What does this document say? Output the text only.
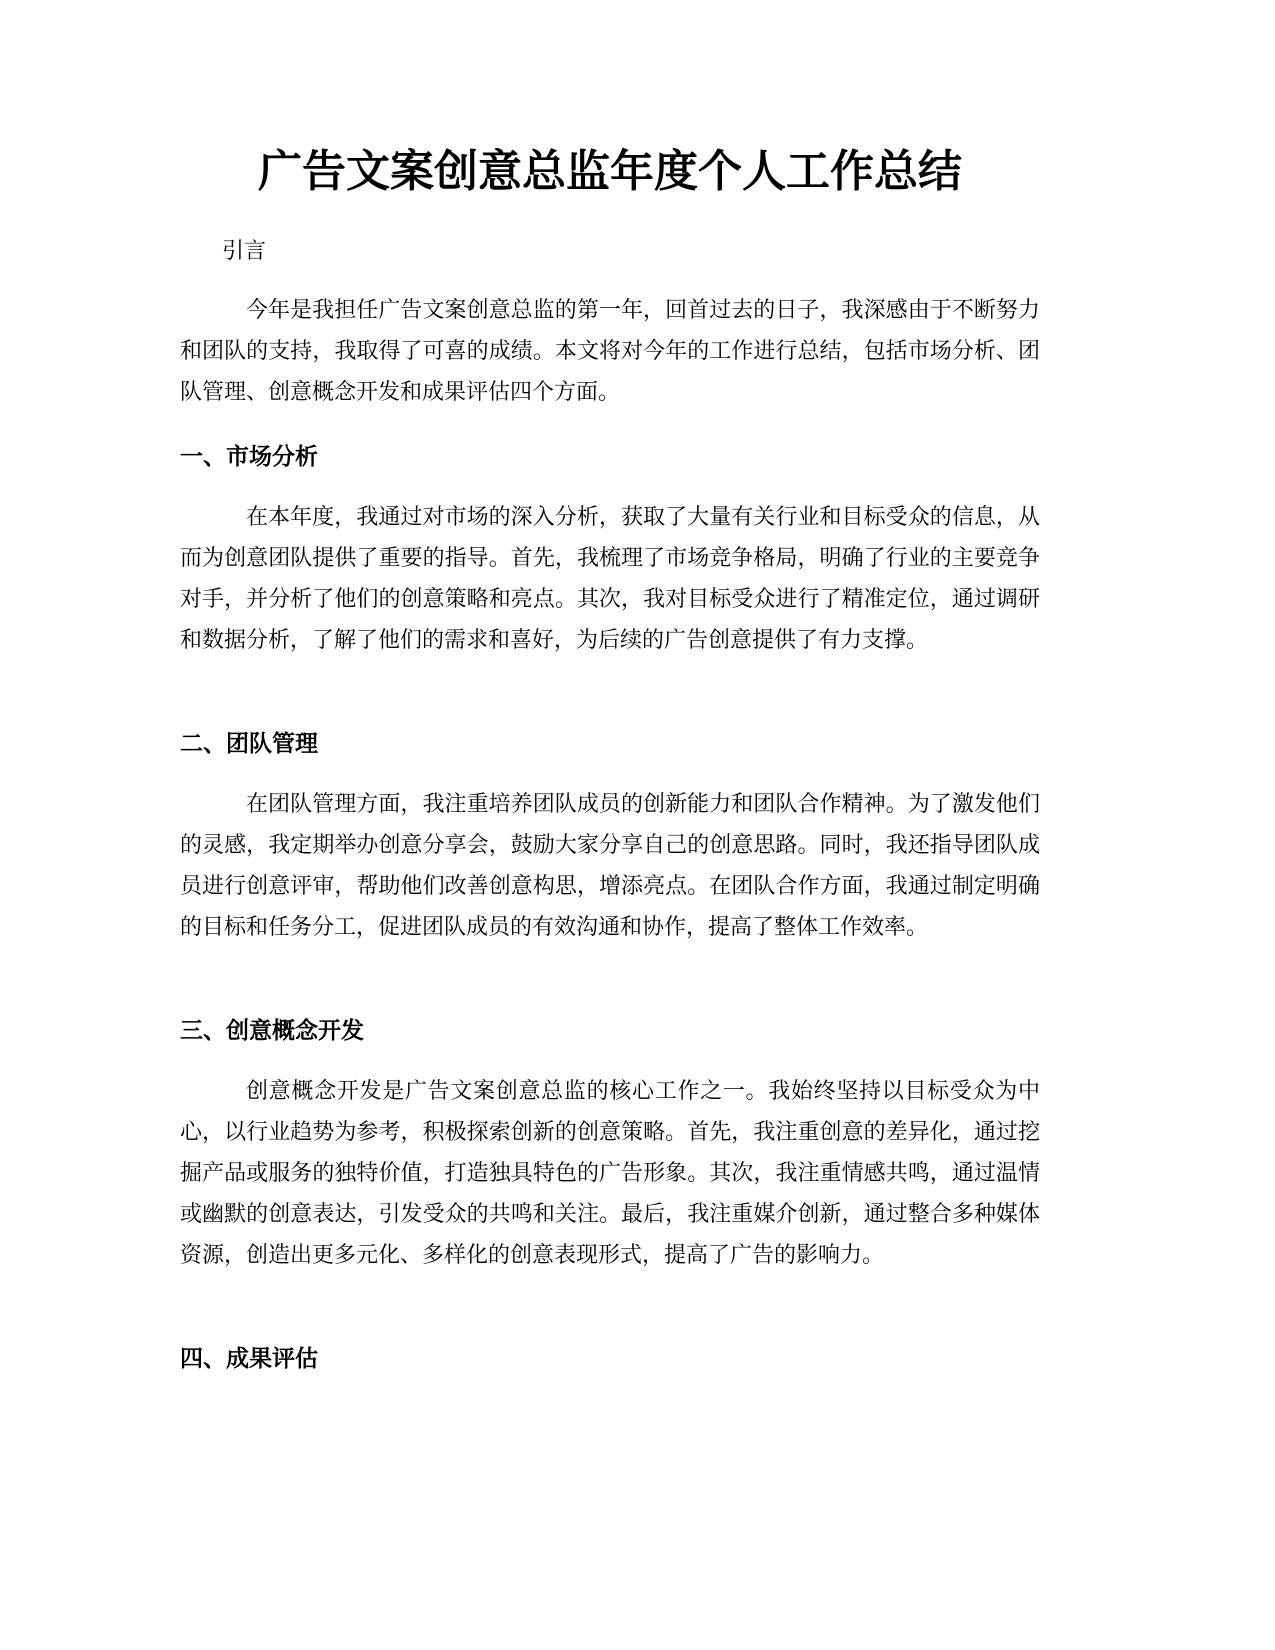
广告文案创意总监年度个人工作总结

引言

今年是我担任广告文案创意总监的第一年，回首过去的日子，我深感由于不断努力和团队的支持，我取得了可喜的成绩。本文将对今年的工作进行总结，包括市场分析、团队管理、创意概念开发和成果评估四个方面。

一、市场分析

在本年度，我通过对市场的深入分析，获取了大量有关行业和目标受众的信息，从而为创意团队提供了重要的指导。首先，我梳理了市场竞争格局，明确了行业的主要竞争对手，并分析了他们的创意策略和亮点。其次，我对目标受众进行了精准定位，通过调研和数据分析，了解了他们的需求和喜好，为后续的广告创意提供了有力支撑。

二、团队管理

在团队管理方面，我注重培养团队成员的创新能力和团队合作精神。为了激发他们的灵感，我定期举办创意分享会，鼓励大家分享自己的创意思路。同时，我还指导团队成员进行创意评审，帮助他们改善创意构思，增添亮点。在团队合作方面，我通过制定明确的目标和任务分工，促进团队成员的有效沟通和协作，提高了整体工作效率。

三、创意概念开发

创意概念开发是广告文案创意总监的核心工作之一。我始终坚持以目标受众为中心，以行业趋势为参考，积极探索创新的创意策略。首先，我注重创意的差异化，通过挖掘产品或服务的独特价值，打造独具特色的广告形象。其次，我注重情感共鸣，通过温情或幽默的创意表达，引发受众的共鸣和关注。最后，我注重媒介创新，通过整合多种媒体资源，创造出更多元化、多样化的创意表现形式，提高了广告的影响力。

四、成果评估
